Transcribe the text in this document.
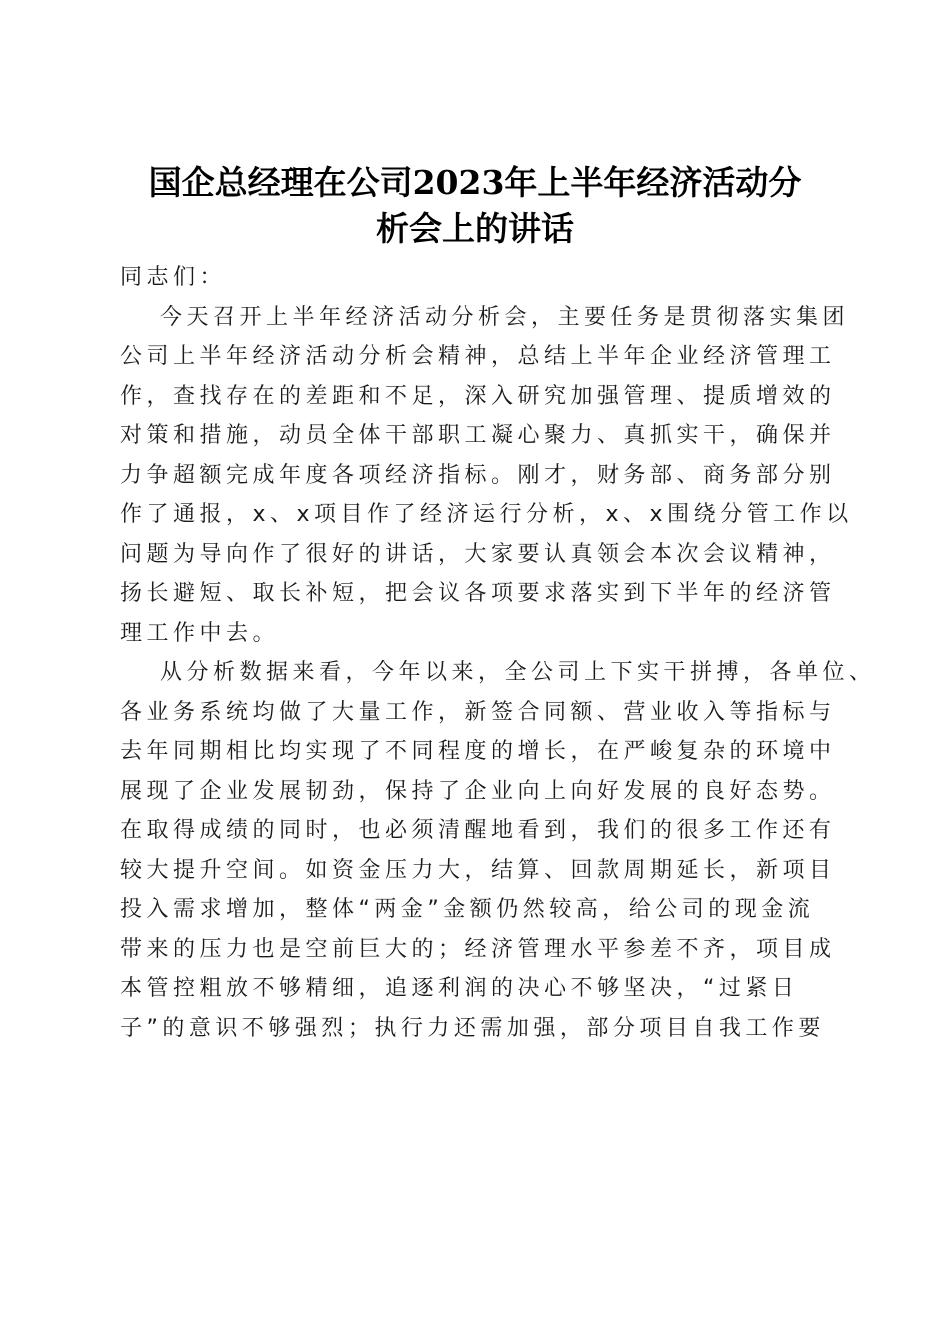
国企总经理在公司2023年上半年经济活动分
析会上的讲话
同志们：
今天召开上半年经济活动分析会，主要任务是贯彻落实集团
公司上半年经济活动分析会精神，总结上半年企业经济管理工
作，查找存在的差距和不足，深入研究加强管理、提质增效的
对策和措施，动员全体干部职工凝心聚力、真抓实干，确保并
力争超额完成年度各项经济指标。刚才，财务部、商务部分别
作了通报，x、x项目作了经济运行分析，x、x围绕分管工作以
问题为导向作了很好的讲话，大家要认真领会本次会议精神，
扬长避短、取长补短，把会议各项要求落实到下半年的经济管
理工作中去。
从分析数据来看，今年以来，全公司上下实干拼搏，各单位、
各业务系统均做了大量工作，新签合同额、营业收入等指标与
去年同期相比均实现了不同程度的增长，在严峻复杂的环境中
展现了企业发展韧劲，保持了企业向上向好发展的良好态势。
在取得成绩的同时，也必须清醒地看到，我们的很多工作还有
较大提升空间。如资金压力大，结算、回款周期延长，新项目
投入需求增加，整体“两金”金额仍然较高，给公司的现金流
带来的压力也是空前巨大的；经济管理水平参差不齐，项目成
本管控粗放不够精细，追逐利润的决心不够坚决，“过紧日
子”的意识不够强烈；执行力还需加强，部分项目自我工作要
